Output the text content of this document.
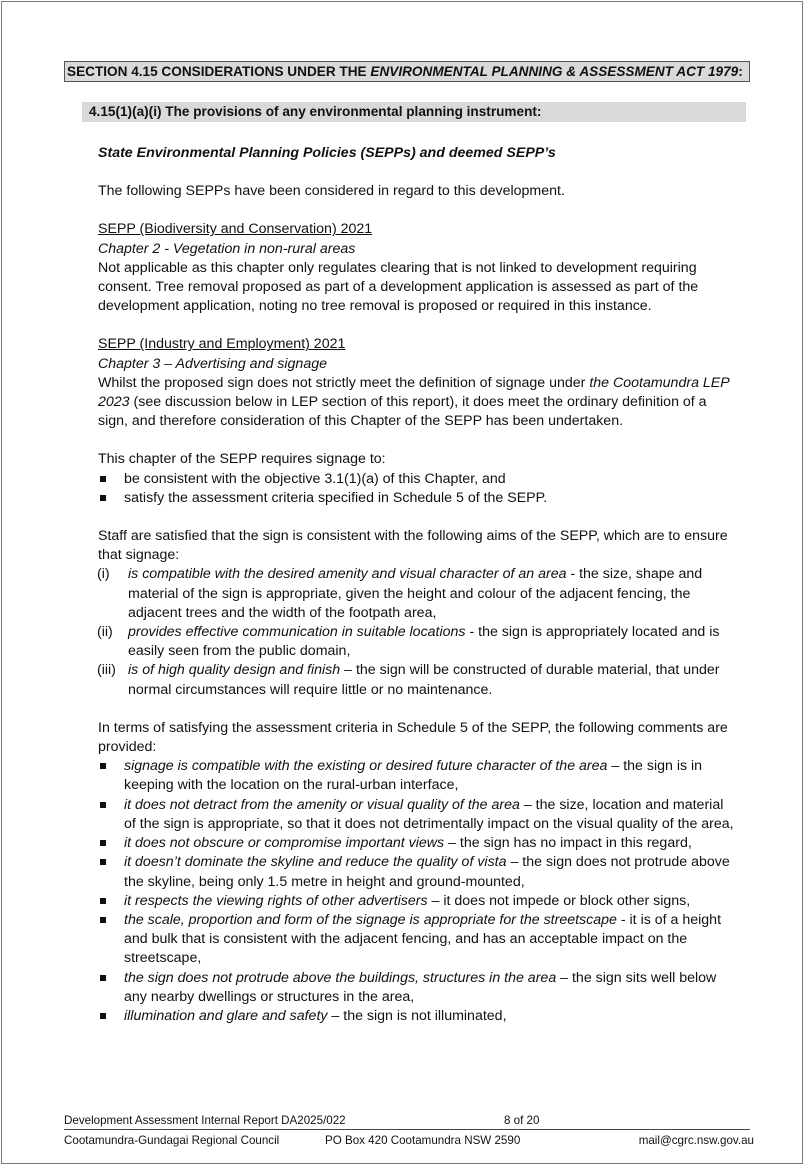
SECTION 4.15 CONSIDERATIONS UNDER THE ENVIRONMENTAL PLANNING & ASSESSMENT ACT 1979:
4.15(1)(a)(i) The provisions of any environmental planning instrument:

State Environmental Planning Policies (SEPPs) and deemed SEPP’s

The following SEPPs have been considered in regard to this development.

SEPP (Biodiversity and Conservation) 2021

Chapter 2 - Vegetation in non-rural areas

Not applicable as this chapter only regulates clearing that is not linked to development requiring consent. Tree removal proposed as part of a development application is assessed as part of the development application, noting no tree removal is proposed or required in this instance.

SEPP (Industry and Employment) 2021

Chapter 3 – Advertising and signage

Whilst the proposed sign does not strictly meet the definition of signage under the Cootamundra LEP 2023 (see discussion below in LEP section of this report), it does meet the ordinary definition of a sign, and therefore consideration of this Chapter of the SEPP has been undertaken.

This chapter of the SEPP requires signage to:

be consistent with the objective 3.1(1)(a) of this Chapter, and
satisfy the assessment criteria specified in Schedule 5 of the SEPP.

Staff are satisfied that the sign is consistent with the following aims of the SEPP, which are to ensure that signage:

(i) is compatible with the desired amenity and visual character of an area - the size, shape and material of the sign is appropriate, given the height and colour of the adjacent fencing, the adjacent trees and the width of the footpath area,
(ii) provides effective communication in suitable locations - the sign is appropriately located and is easily seen from the public domain,
(iii) is of high quality design and finish – the sign will be constructed of durable material, that under normal circumstances will require little or no maintenance.

In terms of satisfying the assessment criteria in Schedule 5 of the SEPP, the following comments are provided:

signage is compatible with the existing or desired future character of the area – the sign is in keeping with the location on the rural-urban interface,
it does not detract from the amenity or visual quality of the area – the size, location and material of the sign is appropriate, so that it does not detrimentally impact on the visual quality of the area,
it does not obscure or compromise important views – the sign has no impact in this regard,
it doesn’t dominate the skyline and reduce the quality of vista – the sign does not protrude above the skyline, being only 1.5 metre in height and ground-mounted,
it respects the viewing rights of other advertisers – it does not impede or block other signs,
the scale, proportion and form of the signage is appropriate for the streetscape - it is of a height and bulk that is consistent with the adjacent fencing, and has an acceptable impact on the streetscape,
the sign does not protrude above the buildings, structures in the area – the sign sits well below any nearby dwellings or structures in the area,
illumination and glare and safety – the sign is not illuminated,
Development Assessment Internal Report DA2025/022	8 of 20
Cootamundra-Gundagai Regional Council	PO Box 420 Cootamundra NSW 2590	mail@cgrc.nsw.gov.au
